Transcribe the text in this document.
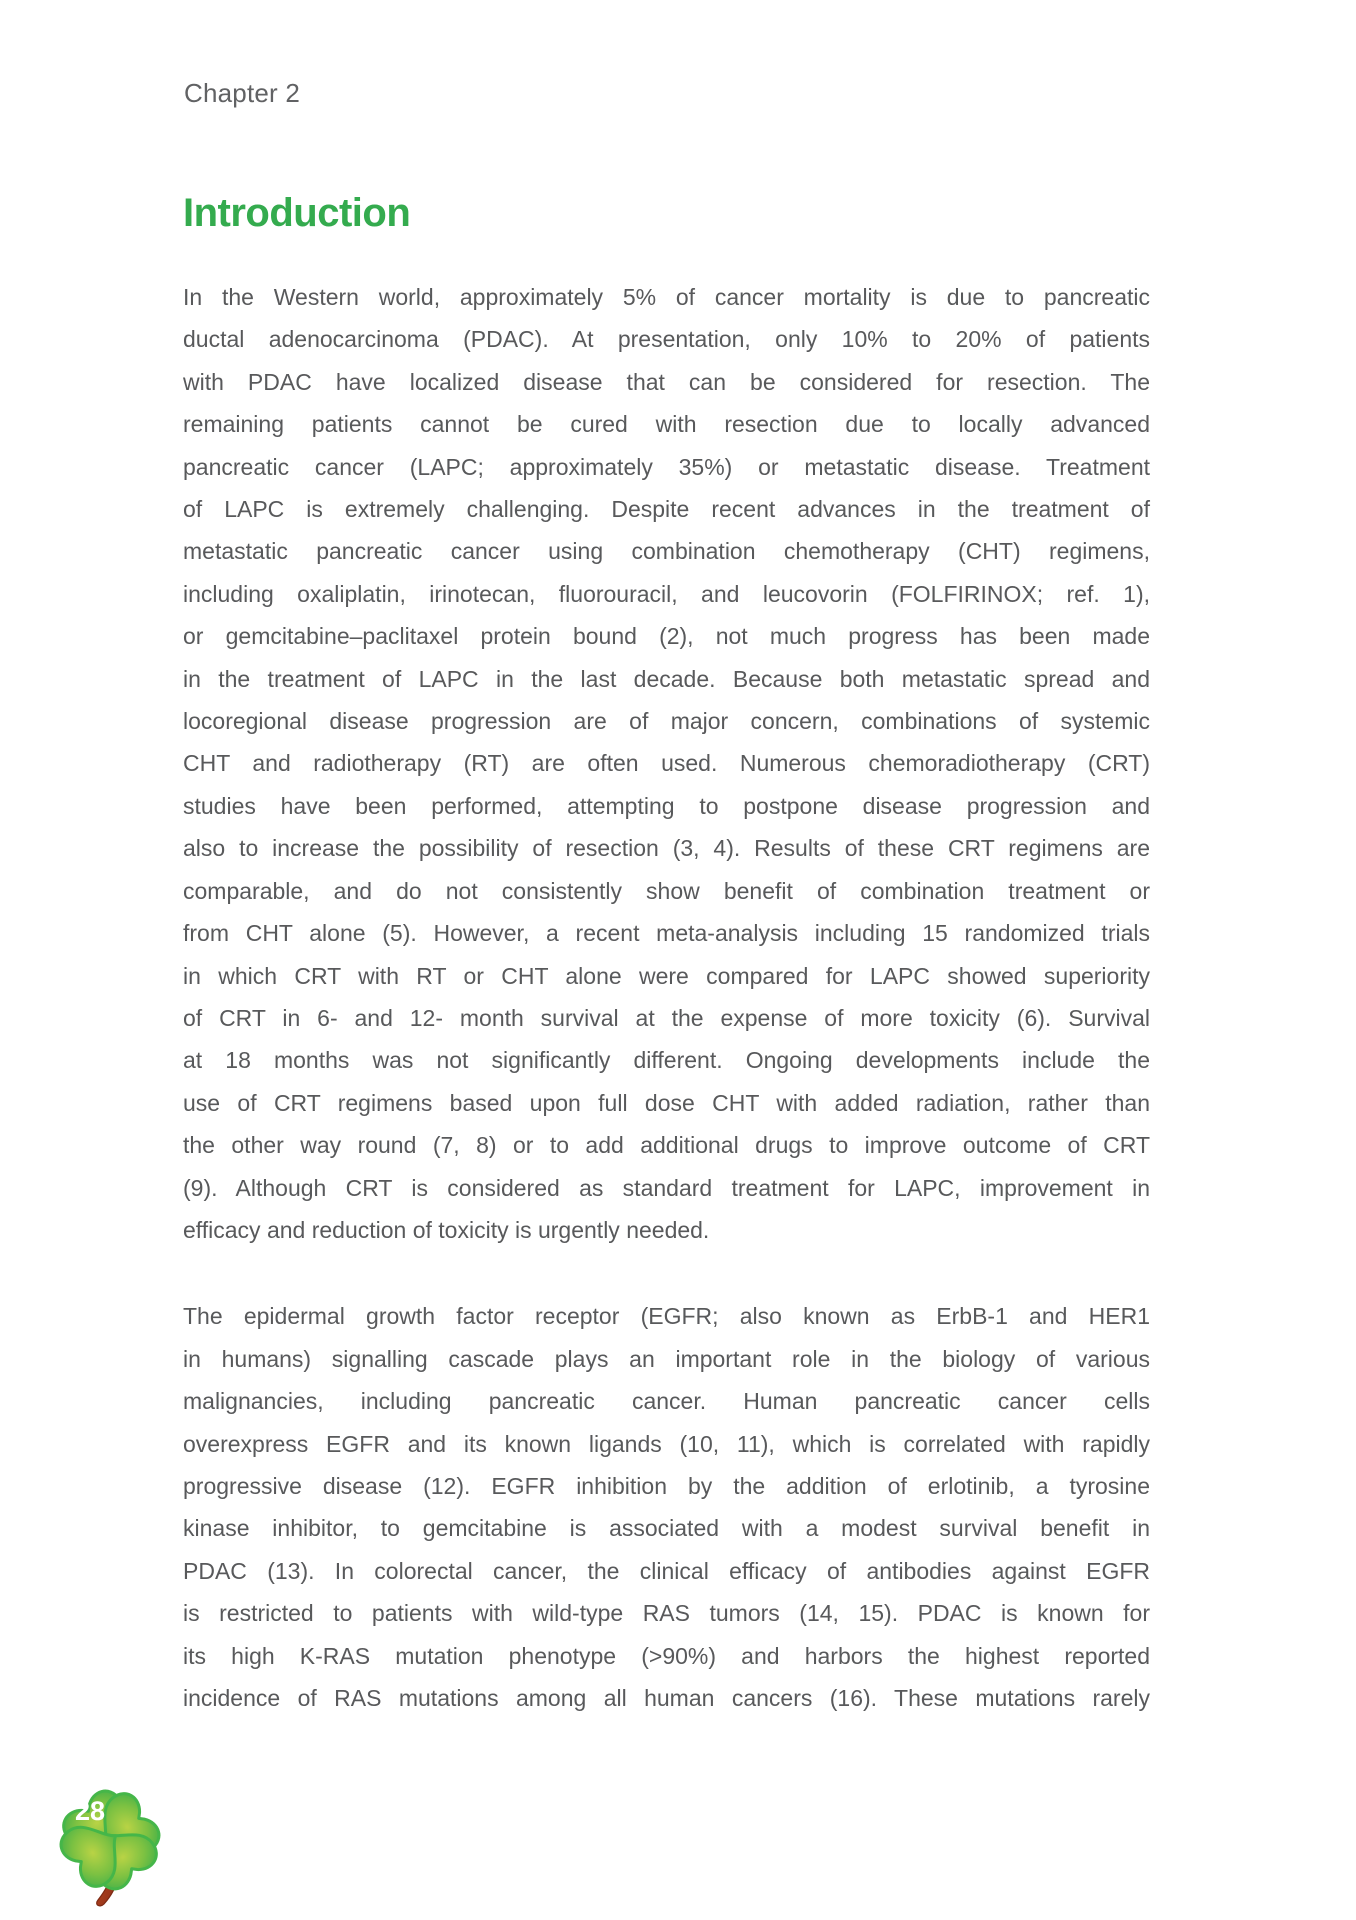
Chapter 2
Introduction
In the Western world, approximately 5% of cancer mortality is due to pancreatic
ductal adenocarcinoma (PDAC). At presentation, only 10% to 20% of patients
with PDAC have localized disease that can be considered for resection. The
remaining patients cannot be cured with resection due to locally advanced
pancreatic cancer (LAPC; approximately 35%) or metastatic disease. Treatment
of LAPC is extremely challenging. Despite recent advances in the treatment of
metastatic pancreatic cancer using combination chemotherapy (CHT) regimens,
including oxaliplatin, irinotecan, fluorouracil, and leucovorin (FOLFIRINOX; ref. 1),
or gemcitabine–paclitaxel protein bound (2), not much progress has been made
in the treatment of LAPC in the last decade. Because both metastatic spread and
locoregional disease progression are of major concern, combinations of systemic
CHT and radiotherapy (RT) are often used. Numerous chemoradiotherapy (CRT)
studies have been performed, attempting to postpone disease progression and
also to increase the possibility of resection (3, 4). Results of these CRT regimens are
comparable, and do not consistently show benefit of combination treatment or
from CHT alone (5). However, a recent meta-analysis including 15 randomized trials
in which CRT with RT or CHT alone were compared for LAPC showed superiority
of CRT in 6- and 12- month survival at the expense of more toxicity (6). Survival
at 18 months was not significantly different. Ongoing developments include the
use of CRT regimens based upon full dose CHT with added radiation, rather than
the other way round (7, 8) or to add additional drugs to improve outcome of CRT
(9). Although CRT is considered as standard treatment for LAPC, improvement in
efficacy and reduction of toxicity is urgently needed.
The epidermal growth factor receptor (EGFR; also known as ErbB-1 and HER1
in humans) signalling cascade plays an important role in the biology of various
malignancies, including pancreatic cancer. Human pancreatic cancer cells
overexpress EGFR and its known ligands (10, 11), which is correlated with rapidly
progressive disease (12). EGFR inhibition by the addition of erlotinib, a tyrosine
kinase inhibitor, to gemcitabine is associated with a modest survival benefit in
PDAC (13). In colorectal cancer, the clinical efficacy of antibodies against EGFR
is restricted to patients with wild-type RAS tumors (14, 15). PDAC is known for
its high K-RAS mutation phenotype (>90%) and harbors the highest reported
incidence of RAS mutations among all human cancers (16). These mutations rarely
28
